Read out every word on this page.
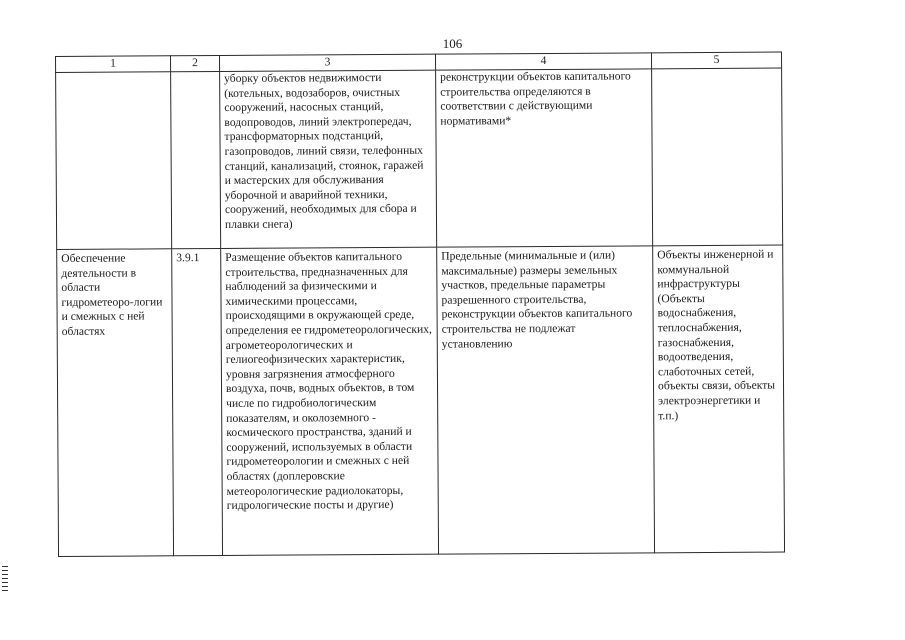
106
1	2	3	4	5
		уборку объектов недвижимости (котельных, водозаборов, очистных сооружений, насосных станций, водопроводов, линий электропередач, трансформаторных подстанций, газопроводов, линий связи, телефонных станций, канализаций, стоянок, гаражей и мастерских для обслуживания уборочной и аварийной техники, сооружений, необходимых для сбора и плавки снега)	реконструкции объектов капитального строительства определяются в соответствии с действующими нормативами*	
Обеспечение деятельности в области гидрометеоро-логии и смежных с ней областях	3.9.1	Размещение объектов капитального строительства, предназначенных для наблюдений за физическими и химическими процессами, происходящими в окружающей среде, определения ее гидрометеорологических, агрометеорологических и гелиогеофизических характеристик, уровня загрязнения атмосферного воздуха, почв, водных объектов, в том числе по гидробиологическим показателям, и околоземного - космического пространства, зданий и сооружений, используемых в области гидрометеорологии и смежных с ней областях (доплеровские метеорологические радиолокаторы, гидрологические посты и другие)	Предельные (минимальные и (или) максимальные) размеры земельных участков, предельные параметры разрешенного строительства, реконструкции объектов капитального строительства не подлежат установлению	Объекты инженерной и коммунальной инфраструктуры (Объекты водоснабжения, теплоснабжения, газоснабжения, водоотведения, слаботочных сетей, объекты связи, объекты электроэнергетики и т.п.)
